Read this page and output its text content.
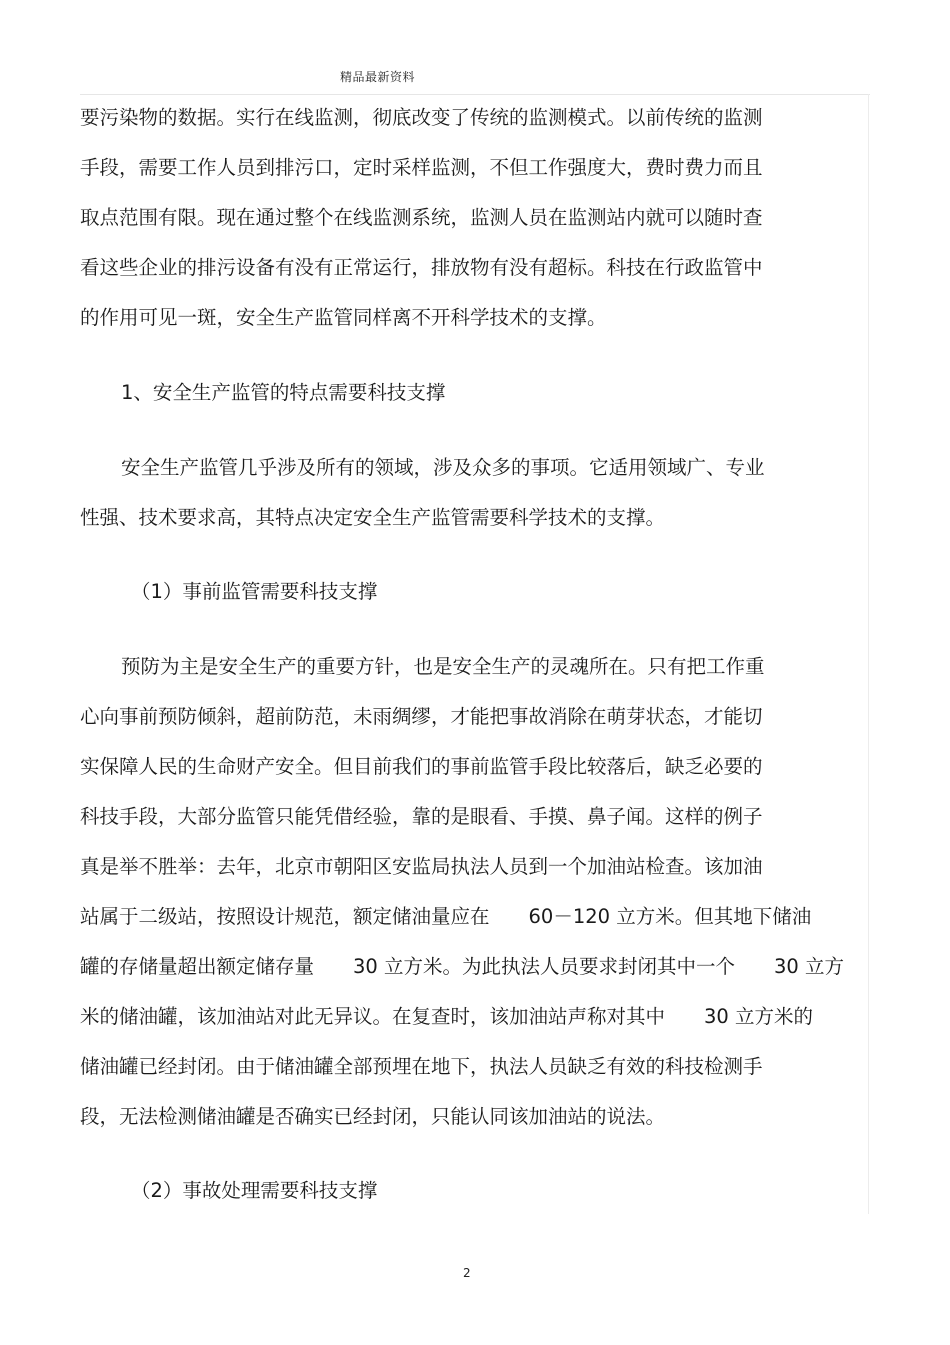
精品最新资料
要污染物的数据。实行在线监测，彻底改变了传统的监测模式。以前传统的监测
手段，需要工作人员到排污口，定时采样监测，不但工作强度大，费时费力而且
取点范围有限。现在通过整个在线监测系统，监测人员在监测站内就可以随时查
看这些企业的排污设备有没有正常运行，排放物有没有超标。科技在行政监管中
的作用可见一斑，安全生产监管同样离不开科学技术的支撑。
1、安全生产监管的特点需要科技支撑
安全生产监管几乎涉及所有的领域，涉及众多的事项。它适用领域广、专业
性强、技术要求高，其特点决定安全生产监管需要科学技术的支撑。
（1）事前监管需要科技支撑
预防为主是安全生产的重要方针，也是安全生产的灵魂所在。只有把工作重
心向事前预防倾斜，超前防范，未雨绸缪，才能把事故消除在萌芽状态，才能切
实保障人民的生命财产安全。但目前我们的事前监管手段比较落后，缺乏必要的
科技手段，大部分监管只能凭借经验，靠的是眼看、手摸、鼻子闻。这样的例子
真是举不胜举：去年，北京市朝阳区安监局执法人员到一个加油站检查。该加油
站属于二级站，按照设计规范，额定储油量应在　　60－120 立方米。但其地下储油
罐的存储量超出额定储存量　　30 立方米。为此执法人员要求封闭其中一个　　30 立方
米的储油罐，该加油站对此无异议。在复查时，该加油站声称对其中　　30 立方米的
储油罐已经封闭。由于储油罐全部预埋在地下，执法人员缺乏有效的科技检测手
段，无法检测储油罐是否确实已经封闭，只能认同该加油站的说法。
（2）事故处理需要科技支撑
2
